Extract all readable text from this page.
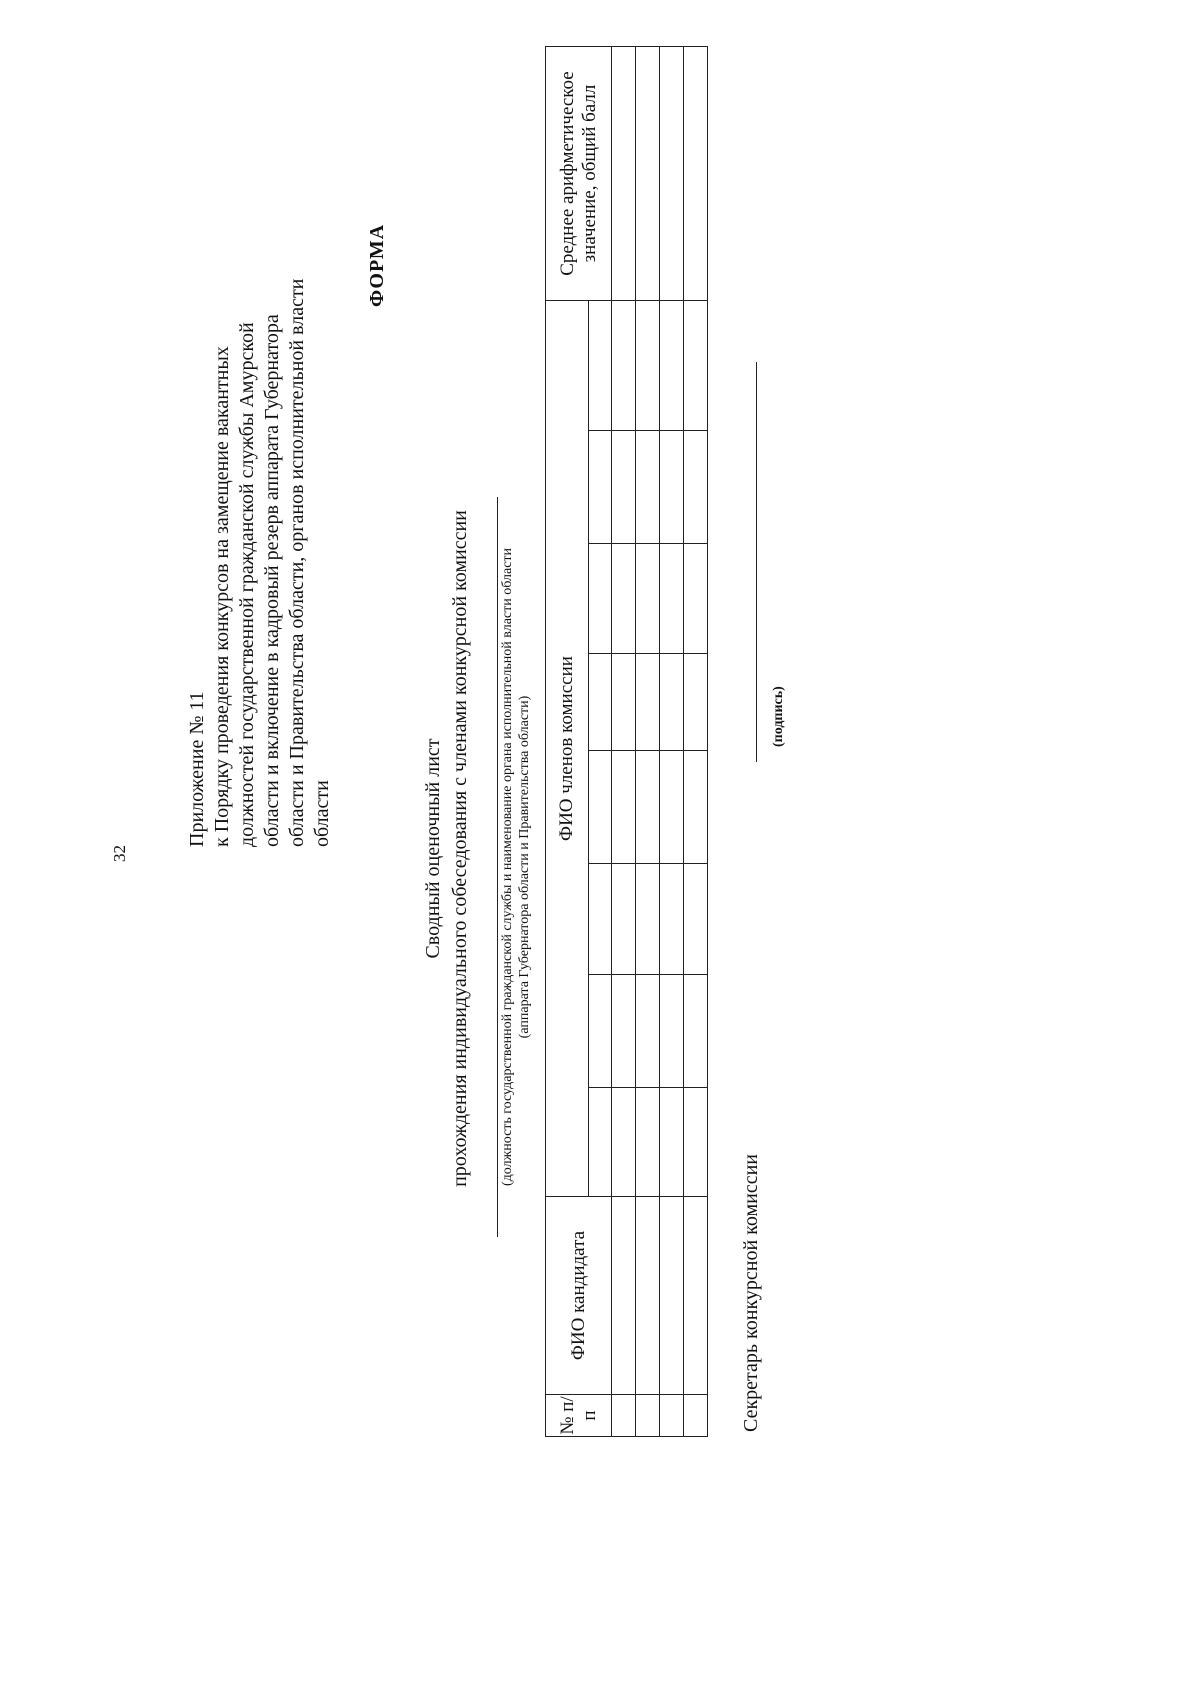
32
Приложение № 11 к Порядку проведения конкурсов на замещение вакантных должностей государственной гражданской службы Амурской области и включение в кадровый резерв аппарата Губернатора области и Правительства области, органов исполнительной власти области
ФОРМА
Сводный оценочный лист прохождения индивидуального собеседования с членами конкурсной комиссии (должность государственной гражданской службы и наименование органа исполнительной власти области (аппарата Губернатора области и Правительства области)
№ п/п	ФИО кандидата	ФИО членов комиссии								Среднее арифметическое значение, общий балл

Секретарь конкурсной комиссии
(подпись)
